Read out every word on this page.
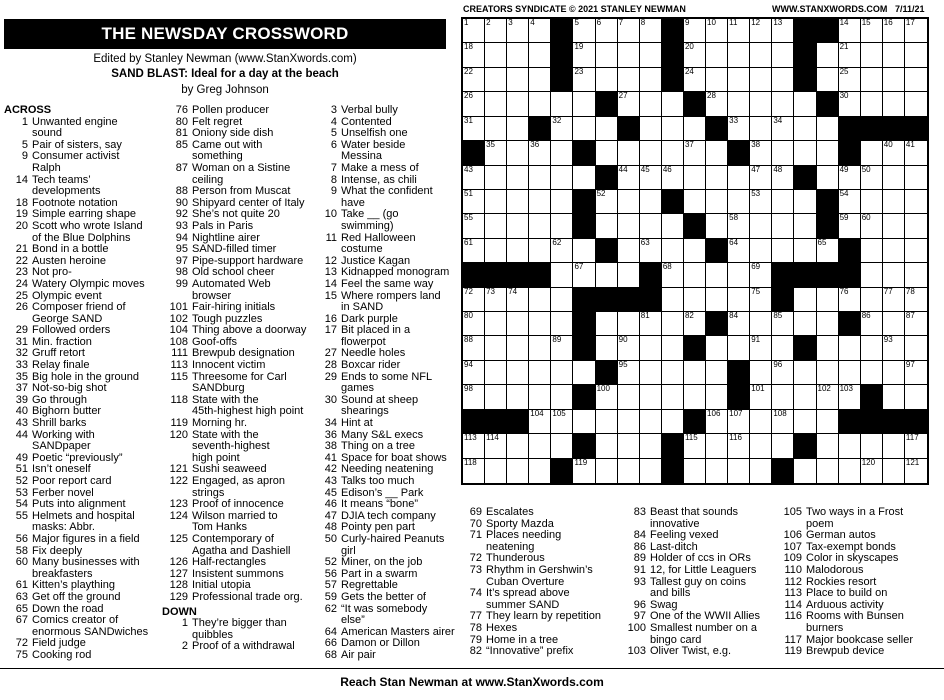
CREATORS SYNDICATE © 2021 STANLEY NEWMAN	WWW.STANXWORDS.COM 7/11/21
THE NEWSDAY CROSSWORD
Edited by Stanley Newman (www.StanXwords.com)
SAND BLAST: Ideal for a day at the beach
by Greg Johnson
ACROSS
1 Unwanted engine
sound
5 Pair of sisters, say
9 Consumer activist
Ralph
14 Tech teams’
developments
18 Footnote notation
19 Simple earring shape
20 Scott who wrote Island
of the Blue Dolphins
21 Bond in a bottle
22 Austen heroine
23 Not pro-
24 Watery Olympic moves
25 Olympic event
26 Composer friend of
George SAND
29 Followed orders
31 Min. fraction
32 Gruff retort
33 Relay finale
35 Big hole in the ground
37 Not-so-big shot
39 Go through
40 Bighorn butter
43 Shrill barks
44 Working with
SANDpaper
49 Poetic “previously”
51 Isn’t oneself
52 Poor report card
53 Ferber novel
54 Puts into alignment
55 Helmets and hospital
masks: Abbr.
56 Major figures in a field
58 Fix deeply
60 Many businesses with
breakfasters
61 Kitten’s plaything
63 Get off the ground
65 Down the road
67 Comics creator of
enormous SANDwiches
72 Field judge
75 Cooking rod
76 Pollen producer
80 Felt regret
81 Oniony side dish
85 Came out with
something
87 Woman on a Sistine
ceiling
88 Person from Muscat
90 Shipyard center of Italy
92 She’s not quite 20
93 Pals in Paris
94 Nightline airer
95 SAND-filled timer
97 Pipe-support hardware
98 Old school cheer
99 Automated Web
browser
101 Fair-hiring initials
102 Tough puzzles
104 Thing above a doorway
108 Goof-offs
111 Brewpub designation
113 Innocent victim
115 Threesome for Carl
SANDburg
118 State with the
45th-highest high point
119 Morning hr.
120 State with the
seventh-highest
high point
121 Sushi seaweed
122 Engaged, as apron
strings
123 Proof of innocence
124 Wilson married to
Tom Hanks
125 Contemporary of
Agatha and Dashiell
126 Half-rectangles
127 Insistent summons
128 Initial utopia
129 Professional trade org.
DOWN
1 They’re bigger than
quibbles
2 Proof of a withdrawal
3 Verbal bully
4 Contented
5 Unselfish one
6 Water beside
Messina
7 Make a mess of
8 Intense, as chili
9 What the confident
have
10 Take __ (go
swimming)
11 Red Halloween
costume
12 Justice Kagan
13 Kidnapped monogram
14 Feel the same way
15 Where rompers land
in SAND
16 Dark purple
17 Bit placed in a
flowerpot
27 Needle holes
28 Boxcar rider
29 Ends to some NFL
games
30 Sound at sheep
shearings
34 Hint at
36 Many S&L execs
38 Thing on a tree
41 Space for boat shows
42 Needing neatening
43 Talks too much
45 Edison’s __ Park
46 It means “bone”
47 DJIA tech company
48 Pointy pen part
50 Curly-haired Peanuts
girl
52 Miner, on the job
56 Part in a swarm
57 Regrettable
59 Gets the better of
62 “It was somebody
else”
64 American Masters airer
66 Damon or Dillon
68 Air pair
69 Escalates
70 Sporty Mazda
71 Places needing
neatening
72 Thunderous
73 Rhythm in Gershwin’s
Cuban Overture
74 It’s spread above
summer SAND
77 They learn by repetition
78 Hexes
79 Home in a tree
82 “Innovative” prefix
83 Beast that sounds
innovative
84 Feeling vexed
86 Last-ditch
89 Holder of ccs in ORs
91 12, for Little Leaguers
93 Tallest guy on coins
and bills
96 Swag
97 One of the WWII Allies
100 Smallest number on a
bingo card
103 Oliver Twist, e.g.
105 Two ways in a Frost
poem
106 German autos
107 Tax-exempt bonds
109 Color in skyscapes
110 Malodorous
112 Rockies resort
113 Place to build on
114 Arduous activity
116 Rooms with Bunsen
burners
117 Major bookcase seller
119 Brewpub device
1 2 3 4	5 6 7 8	9 10 11 12 13	14 15 16 17
18	19	20	21
22	23	24	25
26	27	28	30
31	32	33	34
35	36	37	38	40 41
43	44 45 46	47 48	49 50
51	52	53	54
55	58	59 60
61	62	63	64	65
67	68	69
72 73 74	75	76	77 78
80	81	82	84	85	86	87
88	89	90	91	93
94	95	96	97
98	100	101	102 103
104 105	106 107	108
113 114	115	116	117
118	119	120	121
Reach Stan Newman at www.StanXwords.com
